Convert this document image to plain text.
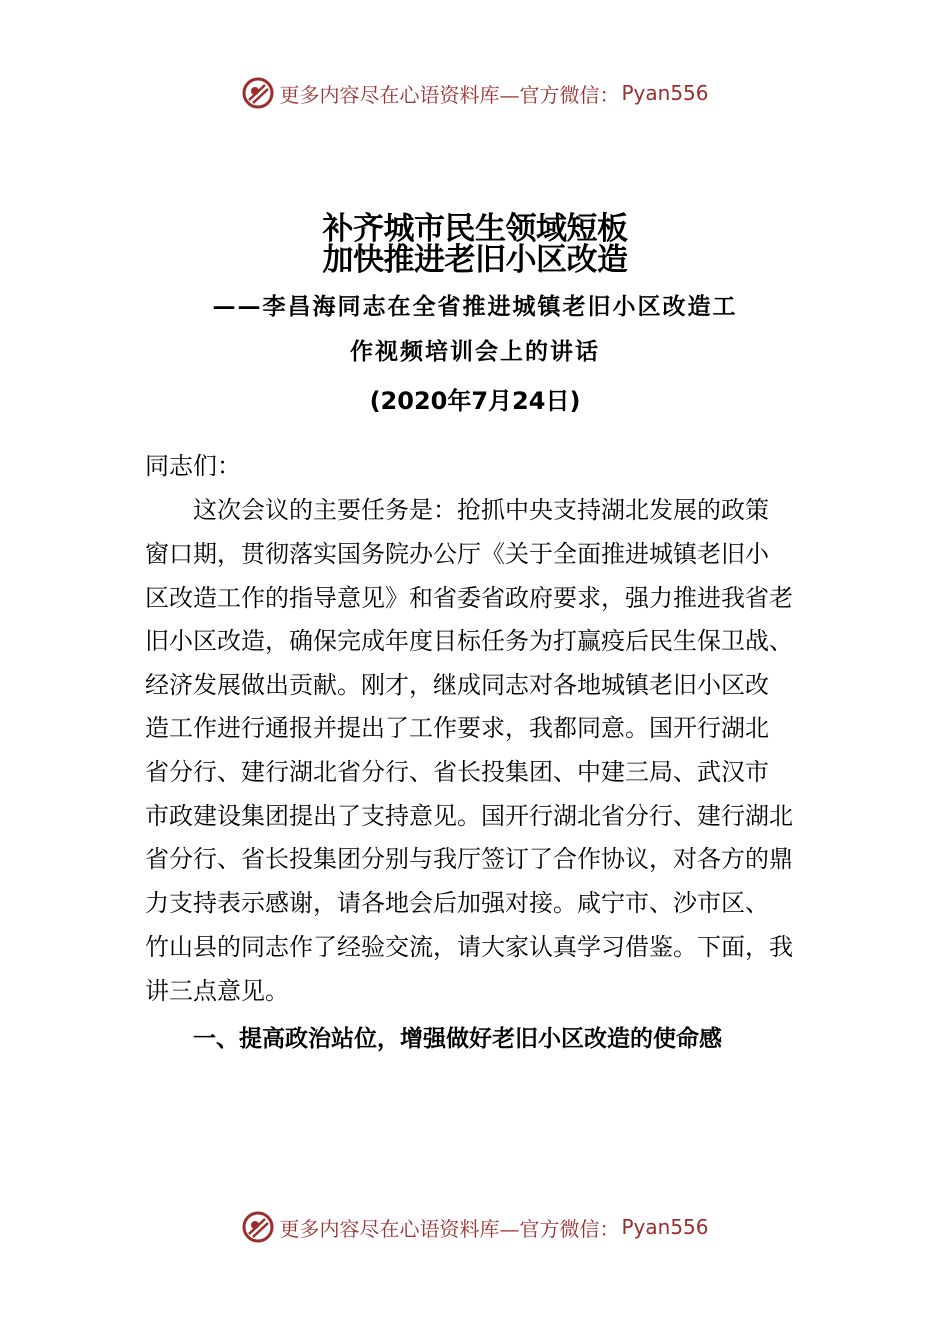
更多内容尽在心语资料库—官方微信： Pyan556
补齐城市民生领域短板
加快推进老旧小区改造
——李昌海同志在全省推进城镇老旧小区改造工
作视频培训会上的讲话
(2020年7月24日)
同志们：
这次会议的主要任务是：抢抓中央支持湖北发展的政策
窗口期，贯彻落实国务院办公厅《关于全面推进城镇老旧小
区改造工作的指导意见》和省委省政府要求，强力推进我省老
旧小区改造，确保完成年度目标任务为打赢疫后民生保卫战、
经济发展做出贡献。刚才，继成同志对各地城镇老旧小区改
造工作进行通报并提出了工作要求，我都同意。国开行湖北
省分行、建行湖北省分行、省长投集团、中建三局、武汉市
市政建设集团提出了支持意见。国开行湖北省分行、建行湖北
省分行、省长投集团分别与我厅签订了合作协议，对各方的鼎
力支持表示感谢，请各地会后加强对接。咸宁市、沙市区、
竹山县的同志作了经验交流，请大家认真学习借鉴。下面，我
讲三点意见。
一、提高政治站位，增强做好老旧小区改造的使命感
更多内容尽在心语资料库—官方微信： Pyan556
